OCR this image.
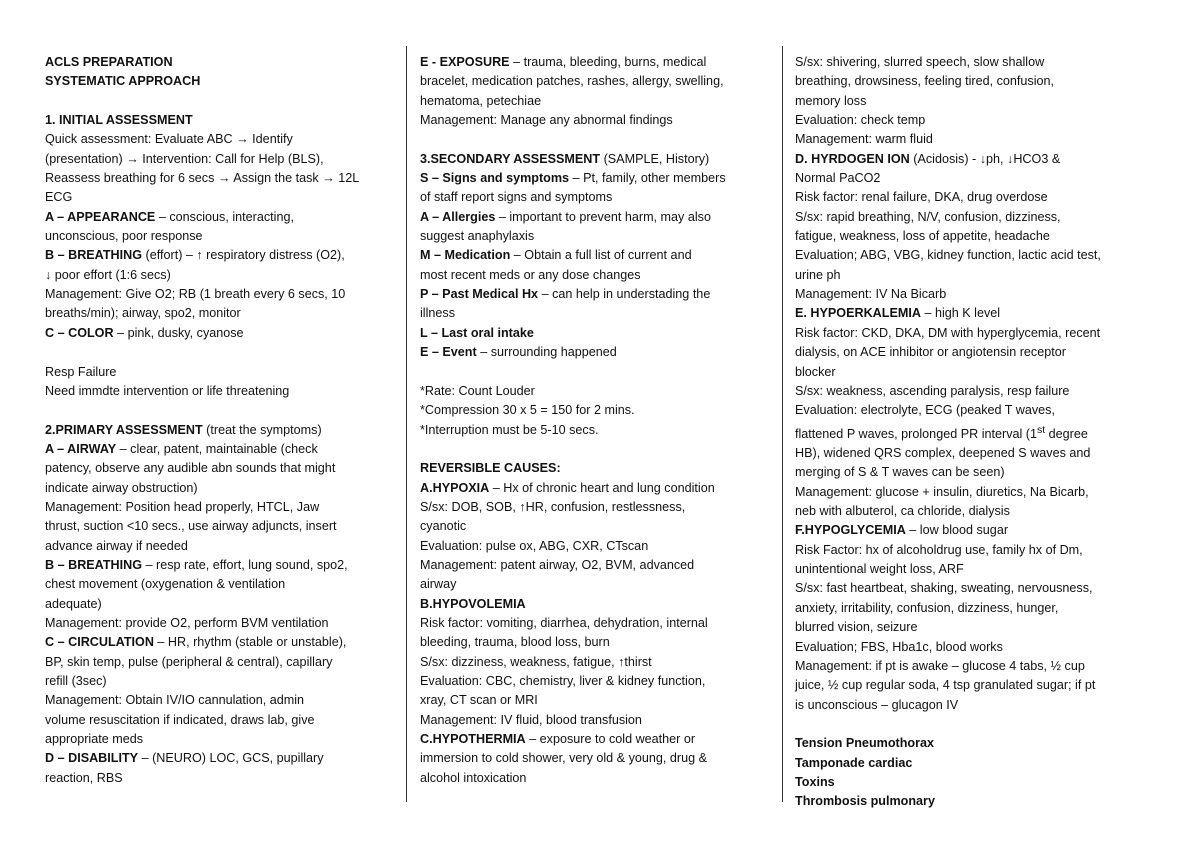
ACLS PREPARATION
SYSTEMATIC APPROACH
1. INITIAL ASSESSMENT
Quick assessment: Evaluate ABC → Identify
(presentation) → Intervention: Call for Help (BLS),
Reassess breathing for 6 secs → Assign the task → 12L
ECG
A – APPEARANCE – conscious, interacting,
unconscious, poor response
B – BREATHING (effort) – ↑ respiratory distress (O2),
↓ poor effort (1:6 secs)
Management: Give O2; RB (1 breath every 6 secs, 10
breaths/min); airway, spo2, monitor
C – COLOR – pink, dusky, cyanose
Resp Failure
Need immdte intervention or life threatening
2.PRIMARY ASSESSMENT (treat the symptoms)
A – AIRWAY – clear, patent, maintainable (check
patency, observe any audible abn sounds that might
indicate airway obstruction)
Management: Position head properly, HTCL, Jaw
thrust, suction <10 secs., use airway adjuncts, insert
advance airway if needed
B – BREATHING – resp rate, effort, lung sound, spo2,
chest movement (oxygenation & ventilation
adequate)
Management: provide O2, perform BVM ventilation
C – CIRCULATION – HR, rhythm (stable or unstable),
BP, skin temp, pulse (peripheral & central), capillary
refill (3sec)
Management: Obtain IV/IO cannulation, admin
volume resuscitation if indicated, draws lab, give
appropriate meds
D – DISABILITY – (NEURO) LOC, GCS, pupillary
reaction, RBS
E - EXPOSURE – trauma, bleeding, burns, medical
bracelet, medication patches, rashes, allergy, swelling,
hematoma, petechiae
Management: Manage any abnormal findings
3.SECONDARY ASSESSMENT (SAMPLE, History)
S – Signs and symptoms – Pt, family, other members
of staff report signs and symptoms
A – Allergies – important to prevent harm, may also
suggest anaphylaxis
M – Medication – Obtain a full list of current and
most recent meds or any dose changes
P – Past Medical Hx – can help in understading the
illness
L – Last oral intake
E – Event – surrounding happened
*Rate: Count Louder
*Compression 30 x 5 = 150 for 2 mins.
*Interruption must be 5-10 secs.
REVERSIBLE CAUSES:
A.HYPOXIA – Hx of chronic heart and lung condition
S/sx: DOB, SOB, ↑HR, confusion, restlessness,
cyanotic
Evaluation: pulse ox, ABG, CXR, CTscan
Management: patent airway, O2, BVM, advanced
airway
B.HYPOVOLEMIA
Risk factor: vomiting, diarrhea, dehydration, internal
bleeding, trauma, blood loss, burn
S/sx: dizziness, weakness, fatigue, ↑thirst
Evaluation: CBC, chemistry, liver & kidney function,
xray, CT scan or MRI
Management: IV fluid, blood transfusion
C.HYPOTHERMIA – exposure to cold weather or
immersion to cold shower, very old & young, drug &
alcohol intoxication
S/sx: shivering, slurred speech, slow shallow
breathing, drowsiness, feeling tired, confusion,
memory loss
Evaluation: check temp
Management: warm fluid
D. HYRDOGEN ION (Acidosis) - ↓ph, ↓HCO3 &
Normal PaCO2
Risk factor: renal failure, DKA, drug overdose
S/sx: rapid breathing, N/V, confusion, dizziness,
fatigue, weakness, loss of appetite, headache
Evaluation; ABG, VBG, kidney function, lactic acid test,
urine ph
Management: IV Na Bicarb
E. HYPOERKALEMIA – high K level
Risk factor: CKD, DKA, DM with hyperglycemia, recent
dialysis, on ACE inhibitor or angiotensin receptor
blocker
S/sx: weakness, ascending paralysis, resp failure
Evaluation: electrolyte, ECG (peaked T waves,
flattened P waves, prolonged PR interval (1st degree
HB), widened QRS complex, deepened S waves and
merging of S & T waves can be seen)
Management: glucose + insulin, diuretics, Na Bicarb,
neb with albuterol, ca chloride, dialysis
F.HYPOGLYCEMIA – low blood sugar
Risk Factor: hx of alcoholdrug use, family hx of Dm,
unintentional weight loss, ARF
S/sx: fast heartbeat, shaking, sweating, nervousness,
anxiety, irritability, confusion, dizziness, hunger,
blurred vision, seizure
Evaluation; FBS, Hba1c, blood works
Management: if pt is awake – glucose 4 tabs, ½ cup
juice, ½ cup regular soda, 4 tsp granulated sugar; if pt
is unconscious – glucagon IV
Tension Pneumothorax
Tamponade cardiac
Toxins
Thrombosis pulmonary
